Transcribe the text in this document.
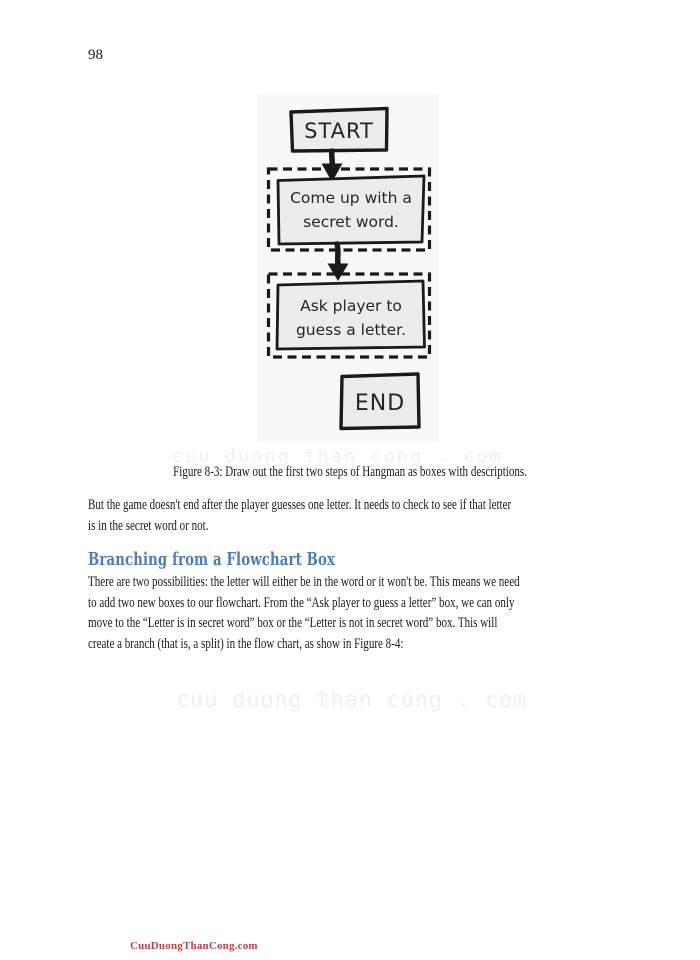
98
START
Come up with a
secret word.
Ask player to
guess a letter.
END
cuu duong than cong . com
cuu duong than cong . com
Figure 8-3: Draw out the first two steps of Hangman as boxes with descriptions.
But the game doesn't end after the player guesses one letter. It needs to check to see if that letter
is in the secret word or not.
Branching from a Flowchart Box
There are two possibilities: the letter will either be in the word or it won't be. This means we need
to add two new boxes to our flowchart. From the “Ask player to guess a letter” box, we can only
move to the “Letter is in secret word” box or the “Letter is not in secret word” box. This will
create a branch (that is, a split) in the flow chart, as show in Figure 8-4:
CuuDuongThanCong.com
